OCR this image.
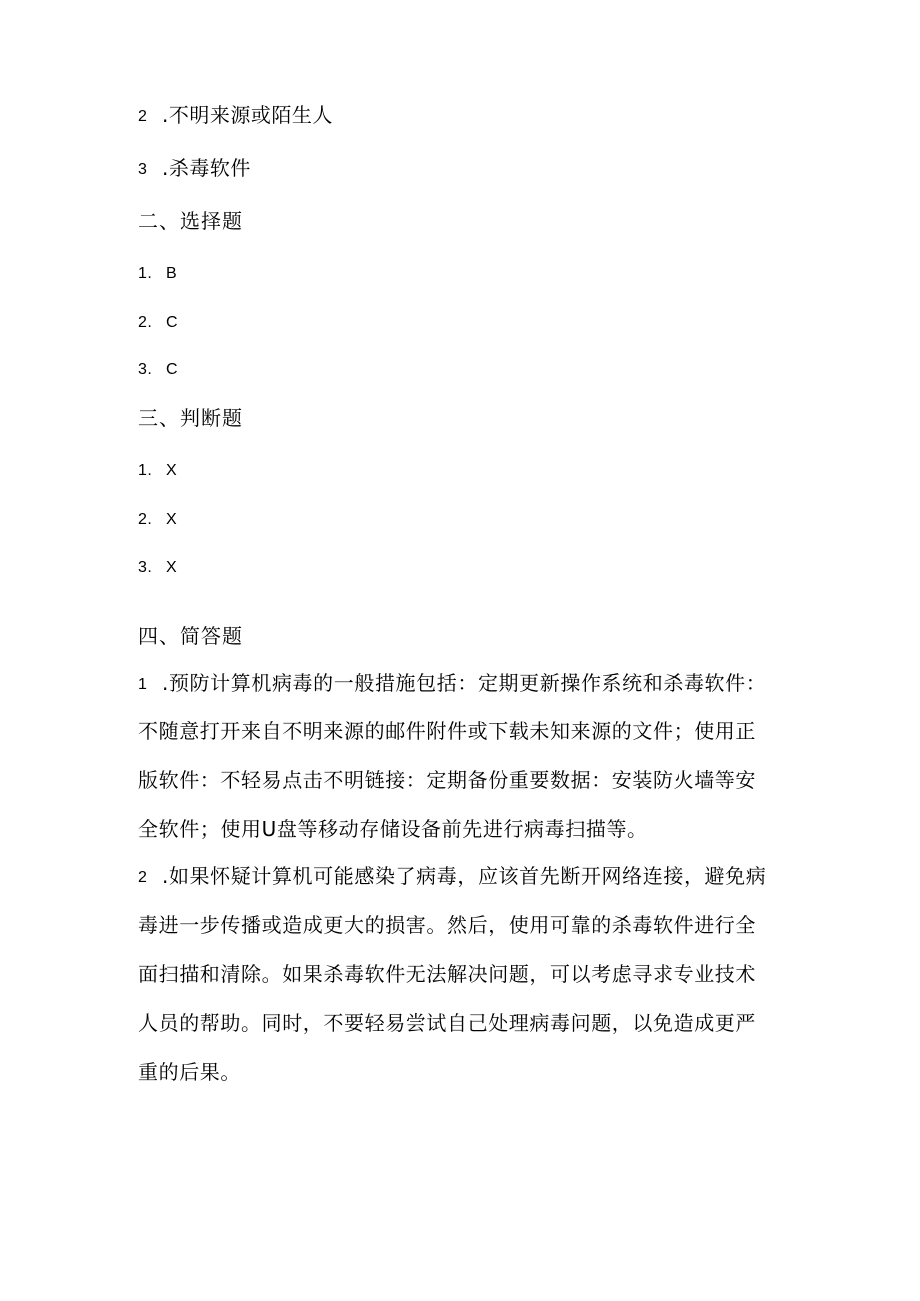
2 .不明来源或陌生人
3 .杀毒软件
二、选择题
1. B
2. C
3. C
三、判断题
1. X
2. X
3. X
四、简答题
1 .预防计算机病毒的一般措施包括：定期更新操作系统和杀毒软件：
不随意打开来自不明来源的邮件附件或下载未知来源的文件；使用正
版软件：不轻易点击不明链接：定期备份重要数据：安装防火墙等安
全软件；使用U盘等移动存储设备前先进行病毒扫描等。
2 .如果怀疑计算机可能感染了病毒，应该首先断开网络连接，避免病
毒进一步传播或造成更大的损害。然后，使用可靠的杀毒软件进行全
面扫描和清除。如果杀毒软件无法解决问题，可以考虑寻求专业技术
人员的帮助。同时，不要轻易尝试自己处理病毒问题，以免造成更严
重的后果。
